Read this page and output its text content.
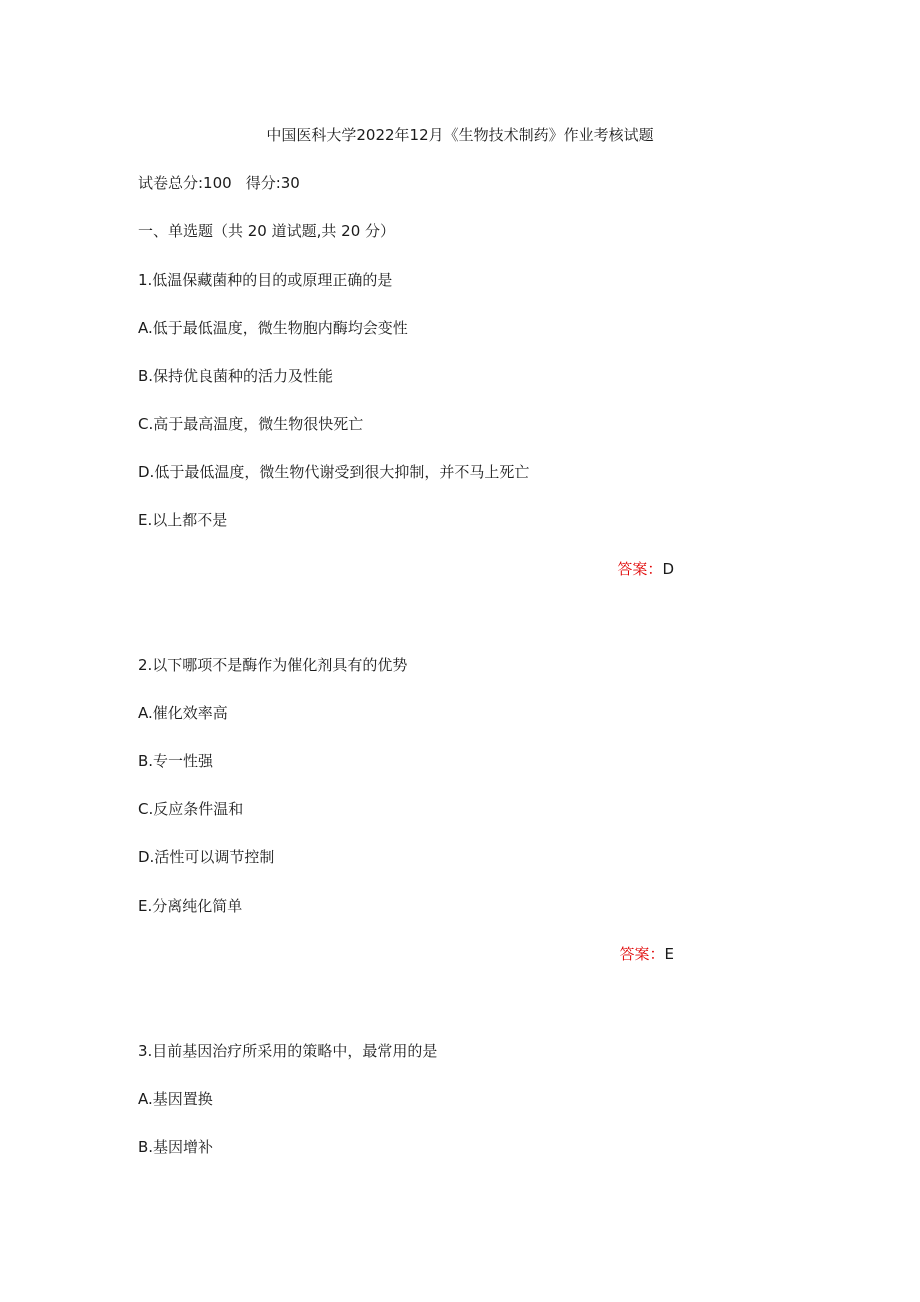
中国医科大学2022年12月《生物技术制药》作业考核试题
试卷总分:100 得分:30
一、单选题（共 20 道试题,共 20 分）
1.低温保藏菌种的目的或原理正确的是
A.低于最低温度，微生物胞内酶均会变性
B.保持优良菌种的活力及性能
C.高于最高温度，微生物很快死亡
D.低于最低温度，微生物代谢受到很大抑制，并不马上死亡
E.以上都不是
答案：D
2.以下哪项不是酶作为催化剂具有的优势
A.催化效率高
B.专一性强
C.反应条件温和
D.活性可以调节控制
E.分离纯化简单
答案：E
3.目前基因治疗所采用的策略中，最常用的是
A.基因置换
B.基因增补
